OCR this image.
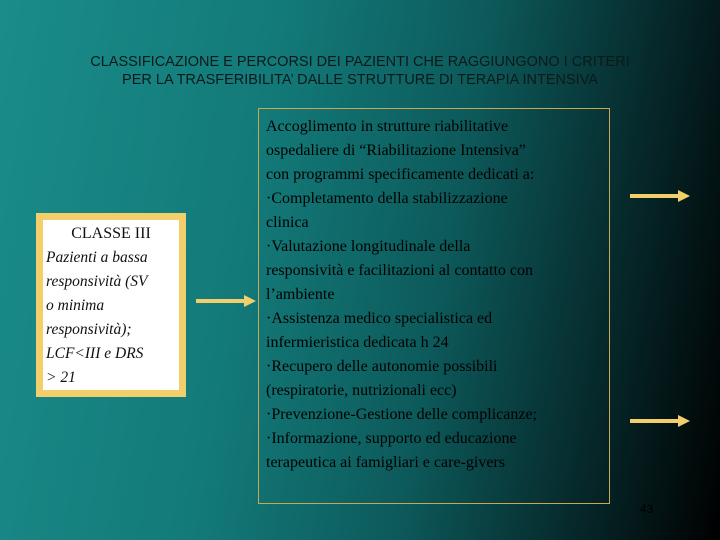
CLASSIFICAZIONE E PERCORSI DEI PAZIENTI CHE RAGGIUNGONO I CRITERI
PER LA TRASFERIBILITA’ DALLE STRUTTURE DI TERAPIA INTENSIVA
CLASSE III
Pazienti a bassa
responsività (SV
o minima
responsività);
LCF<III e DRS
> 21
Accoglimento in strutture riabilitative
ospedaliere di “Riabilitazione Intensiva”
con programmi specificamente dedicati a:
·Completamento della stabilizzazione
clinica
·Valutazione longitudinale della
responsività e facilitazioni al contatto con
l’ambiente
·Assistenza medico specialistica ed
infermieristica dedicata h 24
·Recupero delle autonomie possibili
(respiratorie, nutrizionali ecc)
·Prevenzione-Gestione delle complicanze;
·Informazione, supporto ed educazione
terapeutica ai famigliari e care-givers
43
